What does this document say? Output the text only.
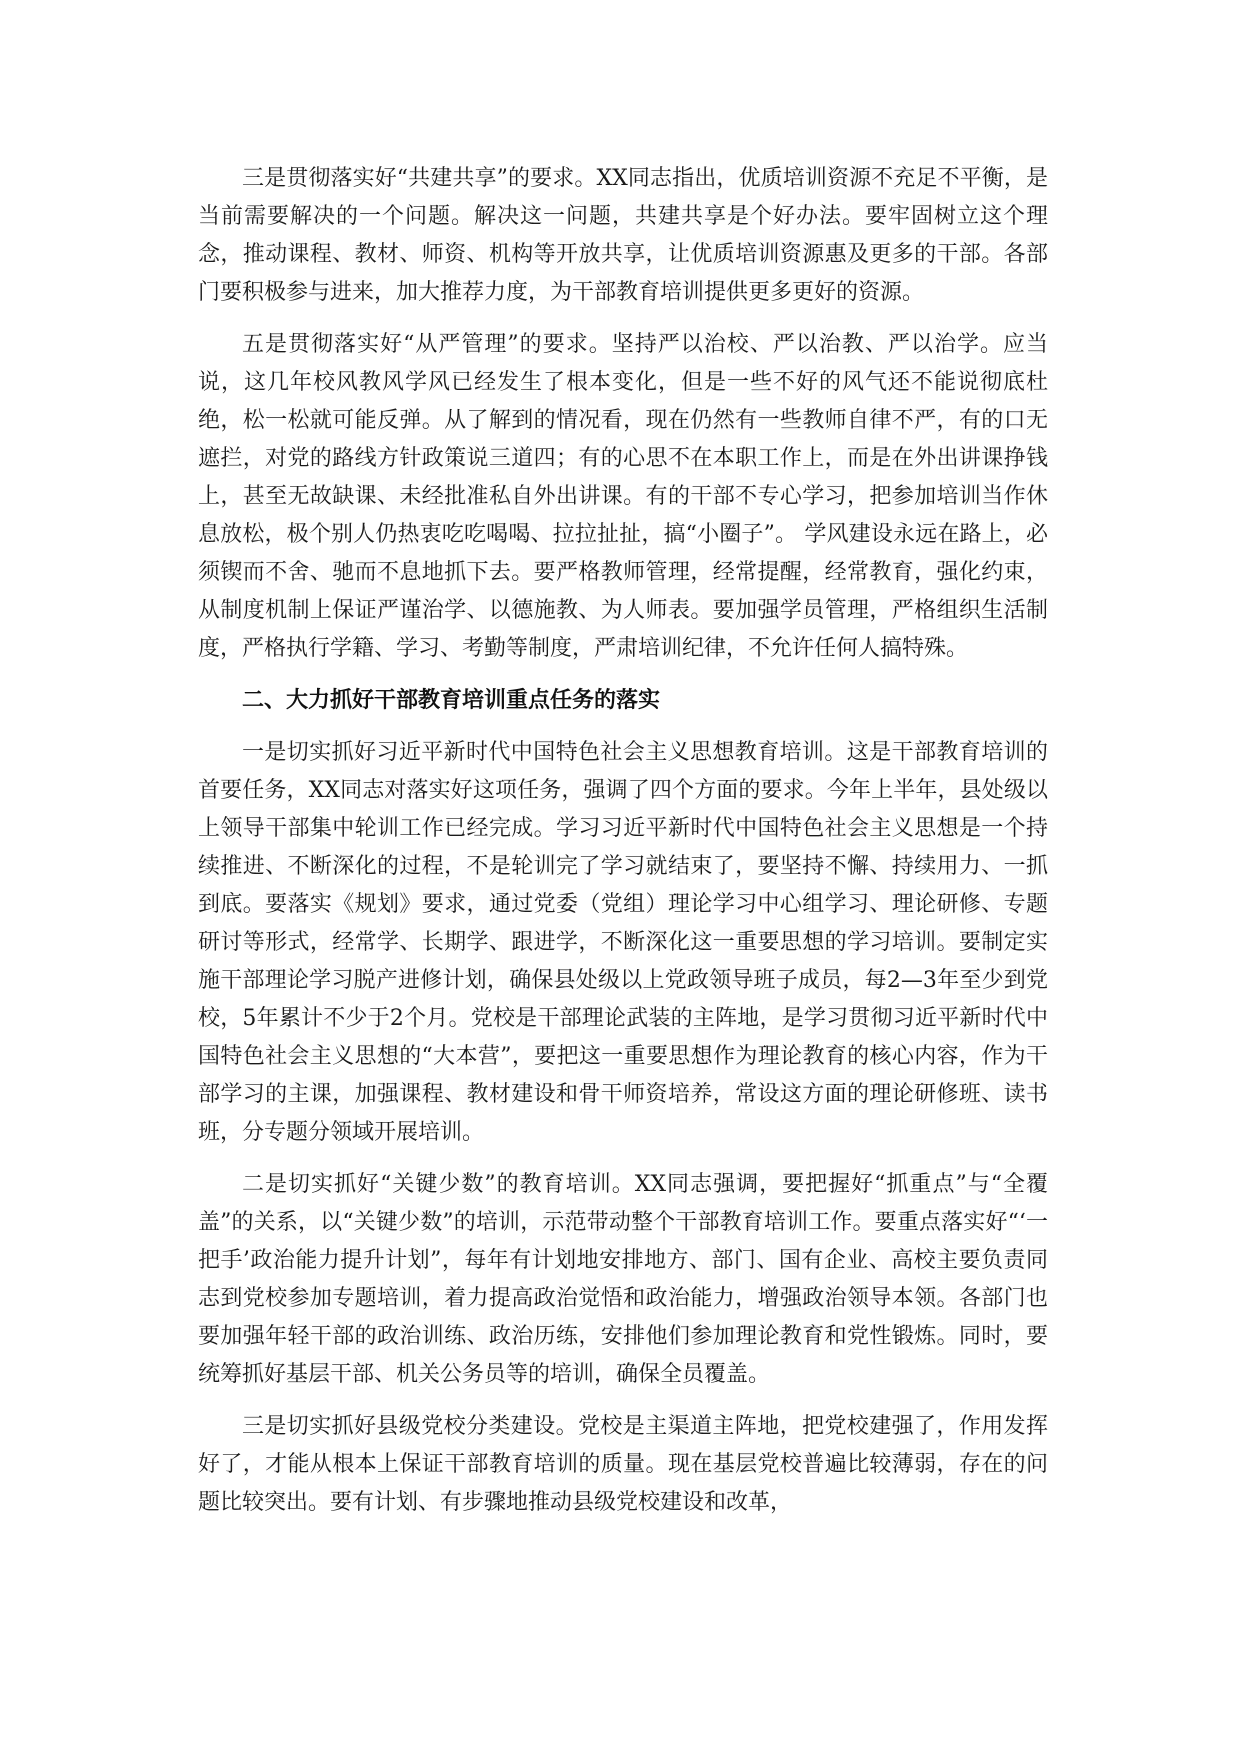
三是贯彻落实好“共建共享”的要求。XX同志指出，优质培训资源不充足不平衡，是当前需要解决的一个问题。解决这一问题，共建共享是个好办法。要牢固树立这个理念，推动课程、教材、师资、机构等开放共享，让优质培训资源惠及更多的干部。各部门要积极参与进来，加大推荐力度，为干部教育培训提供更多更好的资源。

五是贯彻落实好“从严管理”的要求。坚持严以治校、严以治教、严以治学。应当说，这几年校风教风学风已经发生了根本变化，但是一些不好的风气还不能说彻底杜绝，松一松就可能反弹。从了解到的情况看，现在仍然有一些教师自律不严，有的口无遮拦，对党的路线方针政策说三道四；有的心思不在本职工作上，而是在外出讲课挣钱上，甚至无故缺课、未经批准私自外出讲课。有的干部不专心学习，把参加培训当作休息放松，极个别人仍热衷吃吃喝喝、拉拉扯扯，搞“小圈子”。 学风建设永远在路上，必须锲而不舍、驰而不息地抓下去。要严格教师管理，经常提醒，经常教育，强化约束，从制度机制上保证严谨治学、以德施教、为人师表。要加强学员管理，严格组织生活制度，严格执行学籍、学习、考勤等制度，严肃培训纪律，不允许任何人搞特殊。

二、大力抓好干部教育培训重点任务的落实

一是切实抓好习近平新时代中国特色社会主义思想教育培训。这是干部教育培训的首要任务，XX同志对落实好这项任务，强调了四个方面的要求。今年上半年，县处级以上领导干部集中轮训工作已经完成。学习习近平新时代中国特色社会主义思想是一个持续推进、不断深化的过程，不是轮训完了学习就结束了，要坚持不懈、持续用力、一抓到底。要落实《规划》要求，通过党委（党组）理论学习中心组学习、理论研修、专题研讨等形式，经常学、长期学、跟进学，不断深化这一重要思想的学习培训。要制定实施干部理论学习脱产进修计划，确保县处级以上党政领导班子成员，每2—3年至少到党校，5年累计不少于2个月。党校是干部理论武装的主阵地，是学习贯彻习近平新时代中国特色社会主义思想的“大本营”，要把这一重要思想作为理论教育的核心内容，作为干部学习的主课，加强课程、教材建设和骨干师资培养，常设这方面的理论研修班、读书班，分专题分领域开展培训。

二是切实抓好“关键少数”的教育培训。XX同志强调，要把握好“抓重点”与“全覆盖”的关系，以“关键少数”的培训，示范带动整个干部教育培训工作。要重点落实好“‘一把手’政治能力提升计划”，每年有计划地安排地方、部门、国有企业、高校主要负责同志到党校参加专题培训，着力提高政治觉悟和政治能力，增强政治领导本领。各部门也要加强年轻干部的政治训练、政治历练，安排他们参加理论教育和党性锻炼。同时，要统筹抓好基层干部、机关公务员等的培训，确保全员覆盖。

三是切实抓好县级党校分类建设。党校是主渠道主阵地，把党校建强了，作用发挥好了，才能从根本上保证干部教育培训的质量。现在基层党校普遍比较薄弱，存在的问题比较突出。要有计划、有步骤地推动县级党校建设和改革，
